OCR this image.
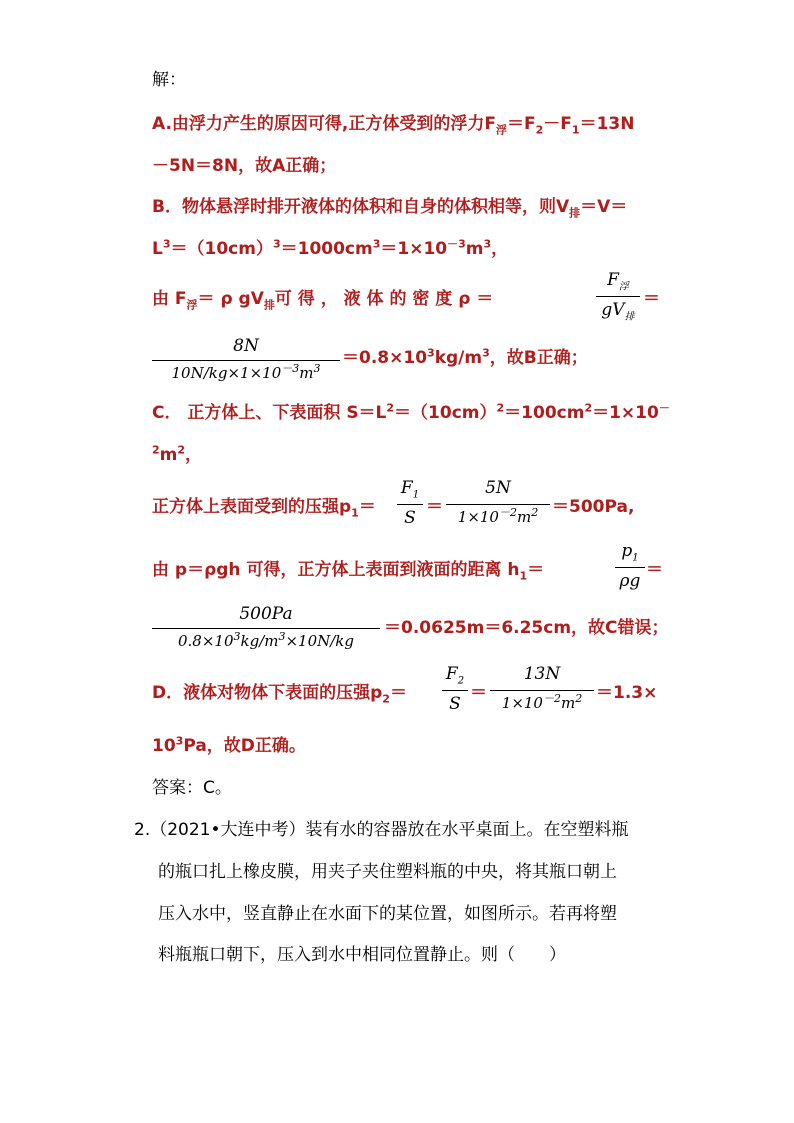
解：
A.由浮力产生的原因可得,正方体受到的浮力$F_浮=F_2-F_1=13N$
－5N＝8N，故A正确；
B．物体悬浮时排开液体的体积和自身的体积相等，则$V_排=V=$
$L^3=(10cm)^3=1000cm^3=1\times 10^{-3}m^3$，
由 $F_浮= \rho$ $gV_排$可 得 ， 液 体 的 密 度 ρ ＝
$F_浮$
$gV_排$
＝
8N
$10N/kg\times 1\times 10^{-3}m^3$
$=0.8\times 10^3kg/m^3$，故B正确；
C． 正方体上、下表面积 $S=L^2=(10cm)^2=100cm^2=1\times 10^-$
$^2m^2$，
正方体上表面受到的压强$p_1=$
$F_1$
S
＝
5N
$1\times 10^{-2}m^2 =500Pa$,
由 p＝ρgh 可得，正方体上表面到液面的距离 $h_1=$
$p_1$
ρg
＝
500Pa
$0.8\times 10^3kg/m^3\times 10N/kg$
＝0.0625m＝6.25cm，故C错误；
D．液体对物体下表面的压强$p_2=$
$F_2$
S
＝
13N
$1\times 10^{-2}m^2 =1.3\times$
$10^3Pa$，故D正确。
答案：C。
2.（2021•大连中考）装有水的容器放在水平桌面上。在空塑料瓶
的瓶口扎上橡皮膜，用夹子夹住塑料瓶的中央，将其瓶口朝上
压入水中，竖直静止在水面下的某位置，如图所示。若再将塑
料瓶瓶口朝下，压入到水中相同位置静止。则（　　）
